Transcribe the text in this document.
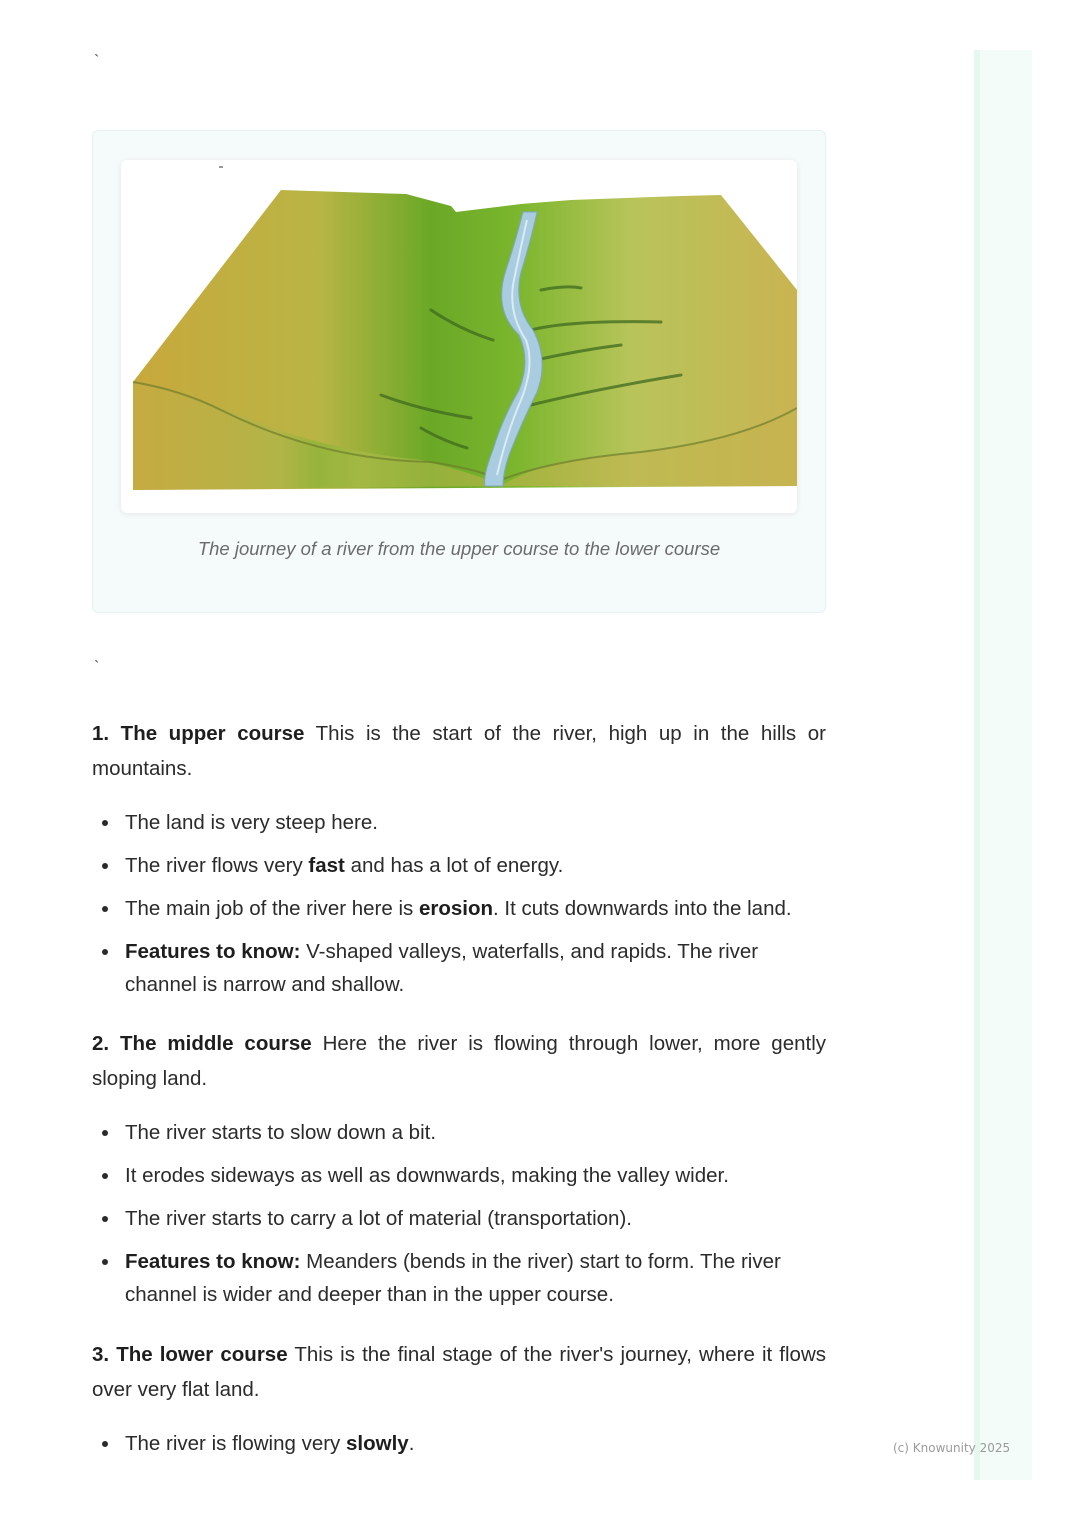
`
The journey of a river from the upper course to the lower course
`

1. The upper course This is the start of the river, high up in the hills or mountains.

The land is very steep here.
The river flows very fast and has a lot of energy.
The main job of the river here is erosion. It cuts downwards into the land.
Features to know: V-shaped valleys, waterfalls, and rapids. The river channel is narrow and shallow.

2. The middle course Here the river is flowing through lower, more gently sloping land.

The river starts to slow down a bit.
It erodes sideways as well as downwards, making the valley wider.
The river starts to carry a lot of material (transportation).
Features to know: Meanders (bends in the river) start to form. The river channel is wider and deeper than in the upper course.

3. The lower course This is the final stage of the river's journey, where it flows over very flat land.

The river is flowing very slowly.	(c) Knowunity 2025
